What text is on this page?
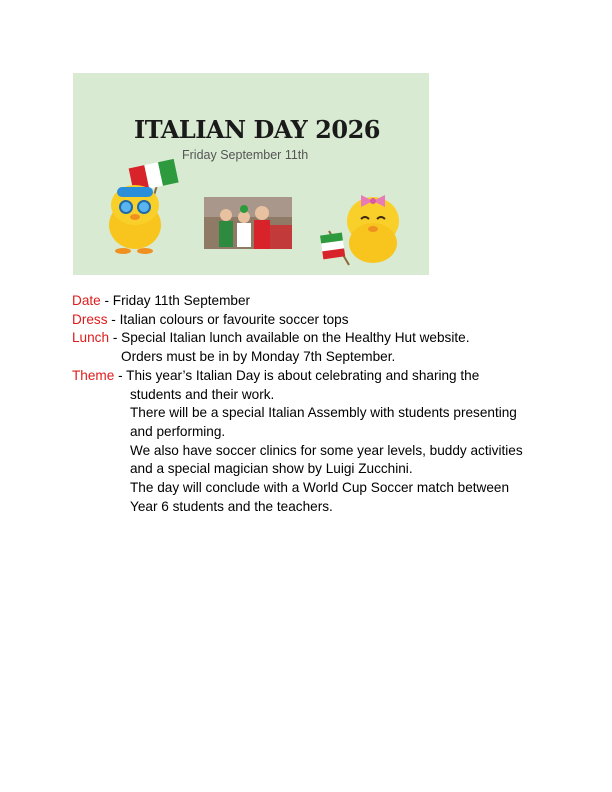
ITALIAN DAY 2026
Friday September 11th
Date - Friday 11th September
Dress - Italian colours or favourite soccer tops
Lunch - Special Italian lunch available on the Healthy Hut website.
Orders must be in by Monday 7th September.
Theme - This year’s Italian Day is about celebrating and sharing the
students and their work.
There will be a special Italian Assembly with students presenting
and performing.
We also have soccer clinics for some year levels, buddy activities
and a special magician show by Luigi Zucchini.
The day will conclude with a World Cup Soccer match between
Year 6 students and the teachers.
